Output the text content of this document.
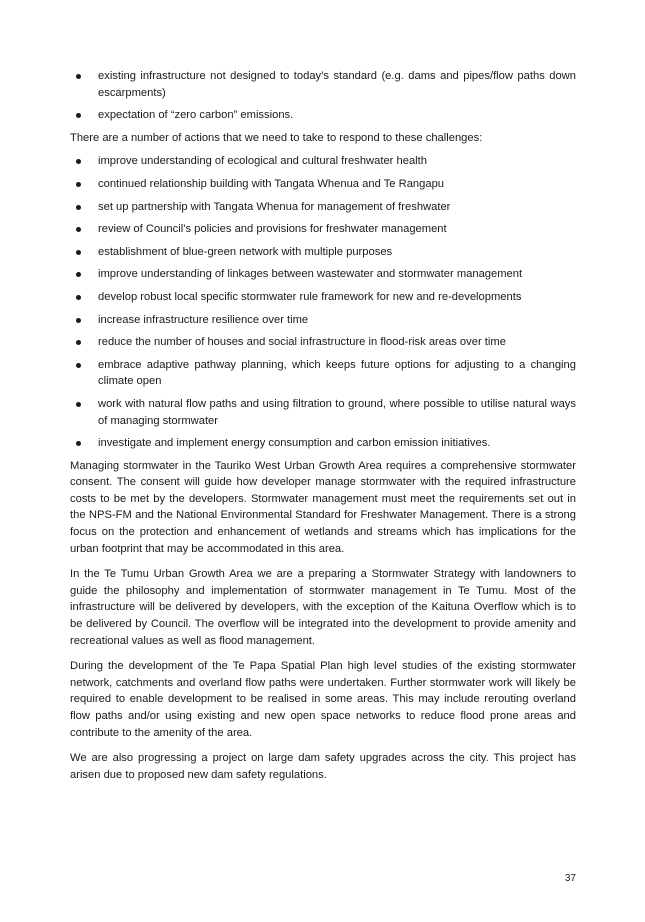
existing infrastructure not designed to today’s standard (e.g. dams and pipes/flow paths down escarpments)
expectation of “zero carbon” emissions.

There are a number of actions that we need to take to respond to these challenges:

improve understanding of ecological and cultural freshwater health
continued relationship building with Tangata Whenua and Te Rangapu
set up partnership with Tangata Whenua for management of freshwater
review of Council’s policies and provisions for freshwater management
establishment of blue-green network with multiple purposes
improve understanding of linkages between wastewater and stormwater management
develop robust local specific stormwater rule framework for new and re-developments
increase infrastructure resilience over time
reduce the number of houses and social infrastructure in flood-risk areas over time
embrace adaptive pathway planning, which keeps future options for adjusting to a changing climate open
work with natural flow paths and using filtration to ground, where possible to utilise natural ways of managing stormwater
investigate and implement energy consumption and carbon emission initiatives.

Managing stormwater in the Tauriko West Urban Growth Area requires a comprehensive stormwater consent. The consent will guide how developer manage stormwater with the required infrastructure costs to be met by the developers. Stormwater management must meet the requirements set out in the NPS-FM and the National Environmental Standard for Freshwater Management. There is a strong focus on the protection and enhancement of wetlands and streams which has implications for the urban footprint that may be accommodated in this area.

In the Te Tumu Urban Growth Area we are a preparing a Stormwater Strategy with landowners to guide the philosophy and implementation of stormwater management in Te Tumu. Most of the infrastructure will be delivered by developers, with the exception of the Kaituna Overflow which is to be delivered by Council. The overflow will be integrated into the development to provide amenity and recreational values as well as flood management.

During the development of the Te Papa Spatial Plan high level studies of the existing stormwater network, catchments and overland flow paths were undertaken. Further stormwater work will likely be required to enable development to be realised in some areas. This may include rerouting overland flow paths and/or using existing and new open space networks to reduce flood prone areas and contribute to the amenity of the area.

We are also progressing a project on large dam safety upgrades across the city. This project has arisen due to proposed new dam safety regulations.

37
